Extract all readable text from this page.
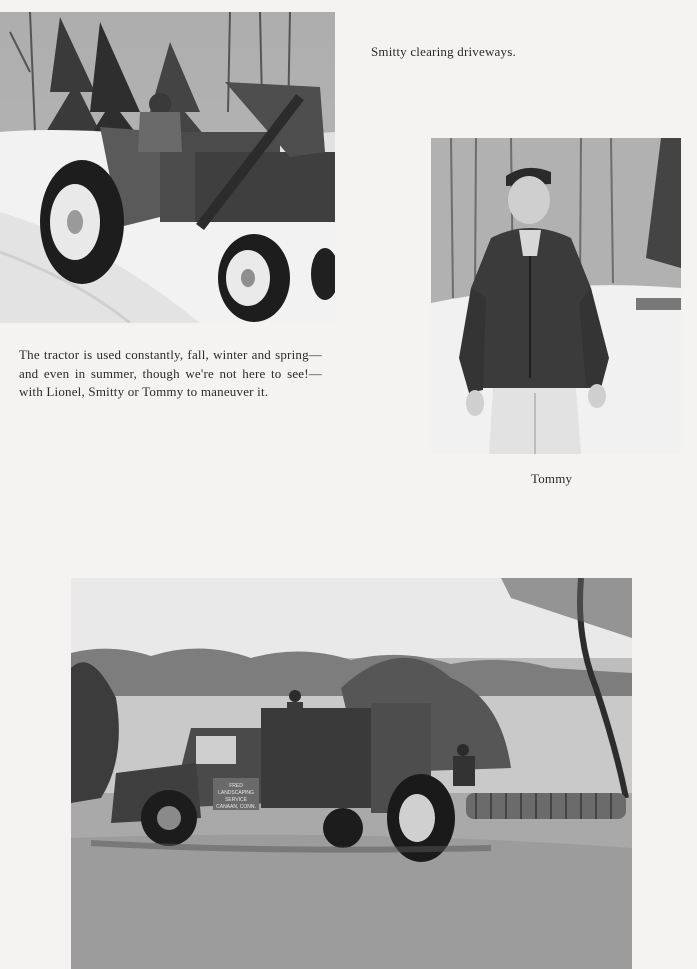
Smitty clearing driveways.

The tractor is used constantly, fall, winter and spring—and even in summer, though we're not here to see!—with Lionel, Smitty or Tommy to maneuver it.

Tommy

FRED
LANDSCAPING
SERVICE
CANAAN, CONN.
